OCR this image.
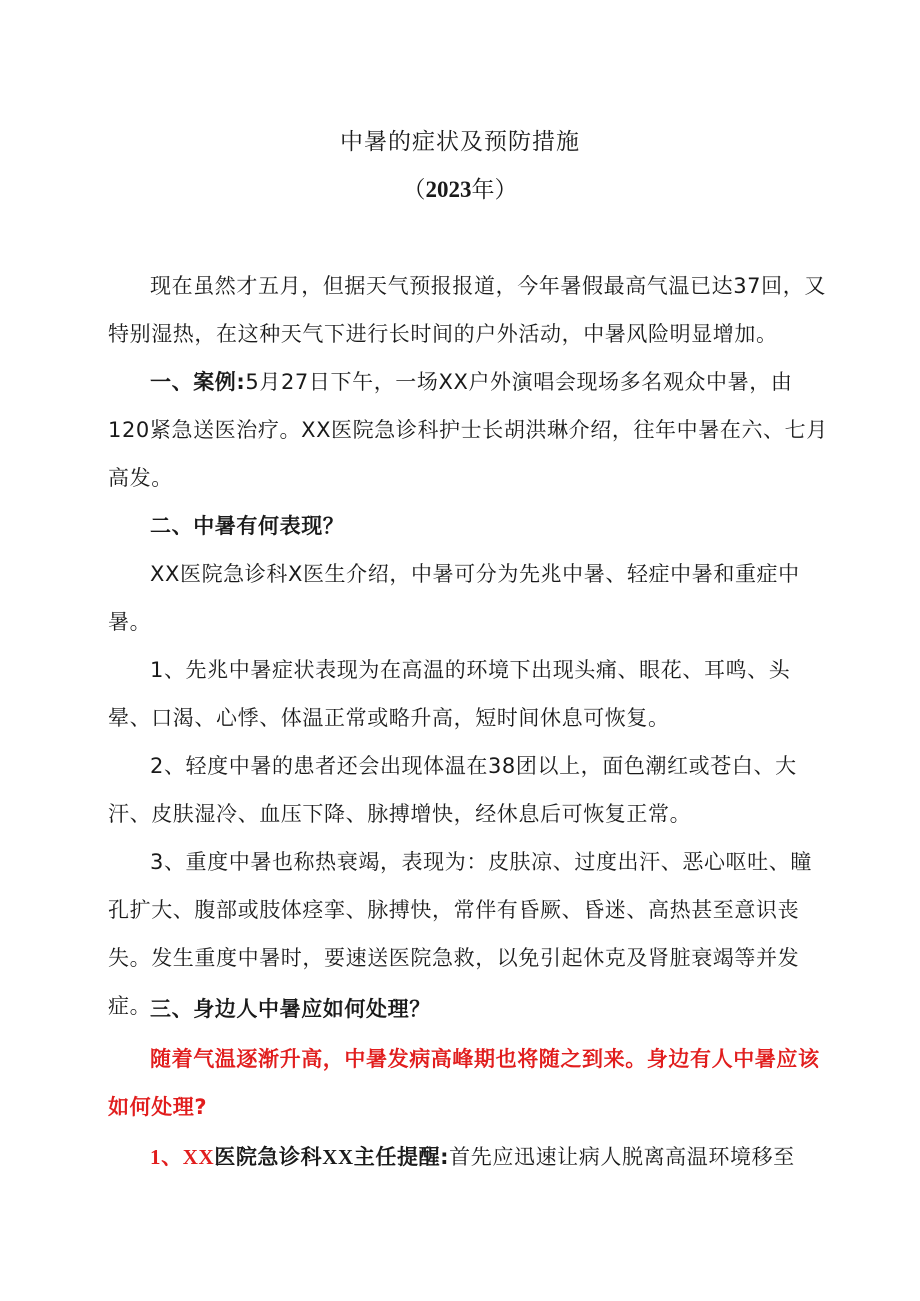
中暑的症状及预防措施
（2023年）

现在虽然才五月，但据天气预报报道，今年暑假最高气温已达37回，又特别湿热，在这种天气下进行长时间的户外活动，中暑风险明显增加。

一、案例:5月27日下午，一场XX户外演唱会现场多名观众中暑，由120紧急送医治疗。XX医院急诊科护士长胡洪琳介绍，往年中暑在六、七月高发。

二、中暑有何表现？

XX医院急诊科X医生介绍，中暑可分为先兆中暑、轻症中暑和重症中暑。

1、先兆中暑症状表现为在高温的环境下出现头痛、眼花、耳鸣、头晕、口渴、心悸、体温正常或略升高，短时间休息可恢复。

2、轻度中暑的患者还会出现体温在38团以上，面色潮红或苍白、大汗、皮肤湿冷、血压下降、脉搏增快，经休息后可恢复正常。

3、重度中暑也称热衰竭，表现为：皮肤凉、过度出汗、恶心呕吐、瞳孔扩大、腹部或肢体痉挛、脉搏快，常伴有昏厥、昏迷、高热甚至意识丧失。发生重度中暑时，要速送医院急救，以免引起休克及肾脏衰竭等并发症。

三、身边人中暑应如何处理？

随着气温逐渐升高，中暑发病高峰期也将随之到来。身边有人中暑应该如何处理?

1、XX医院急诊科XX主任提醒:首先应迅速让病人脱离高温环境移至
